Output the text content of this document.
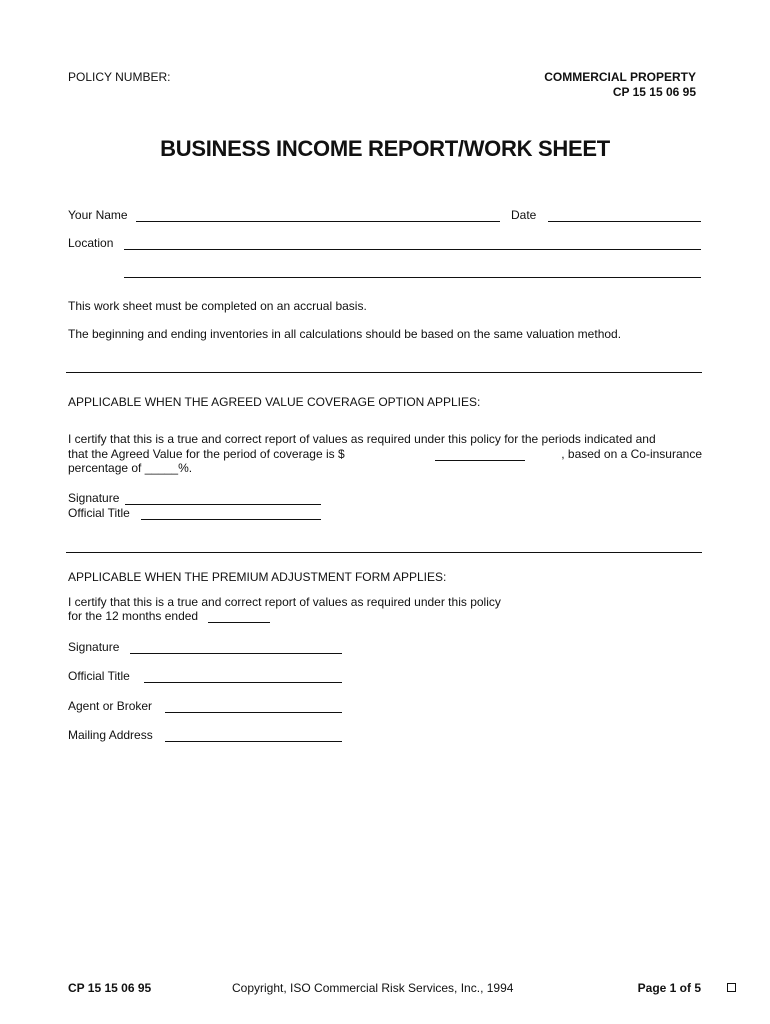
POLICY NUMBER:	COMMERCIAL PROPERTY
CP 15 15 06 95
BUSINESS INCOME REPORT/WORK SHEET
Your Name	Date
Location
This work sheet must be completed on an accrual basis.
The beginning and ending inventories in all calculations should be based on the same valuation method.
APPLICABLE WHEN THE AGREED VALUE COVERAGE OPTION APPLIES:
I certify that this is a true and correct report of values as required under this policy for the periods indicated and
that the Agreed Value for the period of coverage is $	, based on a Co-insurance
percentage of _____%.
Signature
Official Title
APPLICABLE WHEN THE PREMIUM ADJUSTMENT FORM APPLIES:
I certify that this is a true and correct report of values as required under this policy
for the 12 months ended
Signature
Official Title
Agent or Broker
Mailing Address
CP 15 15 06 95	Copyright, ISO Commercial Risk Services, Inc., 1994	Page 1 of 5
